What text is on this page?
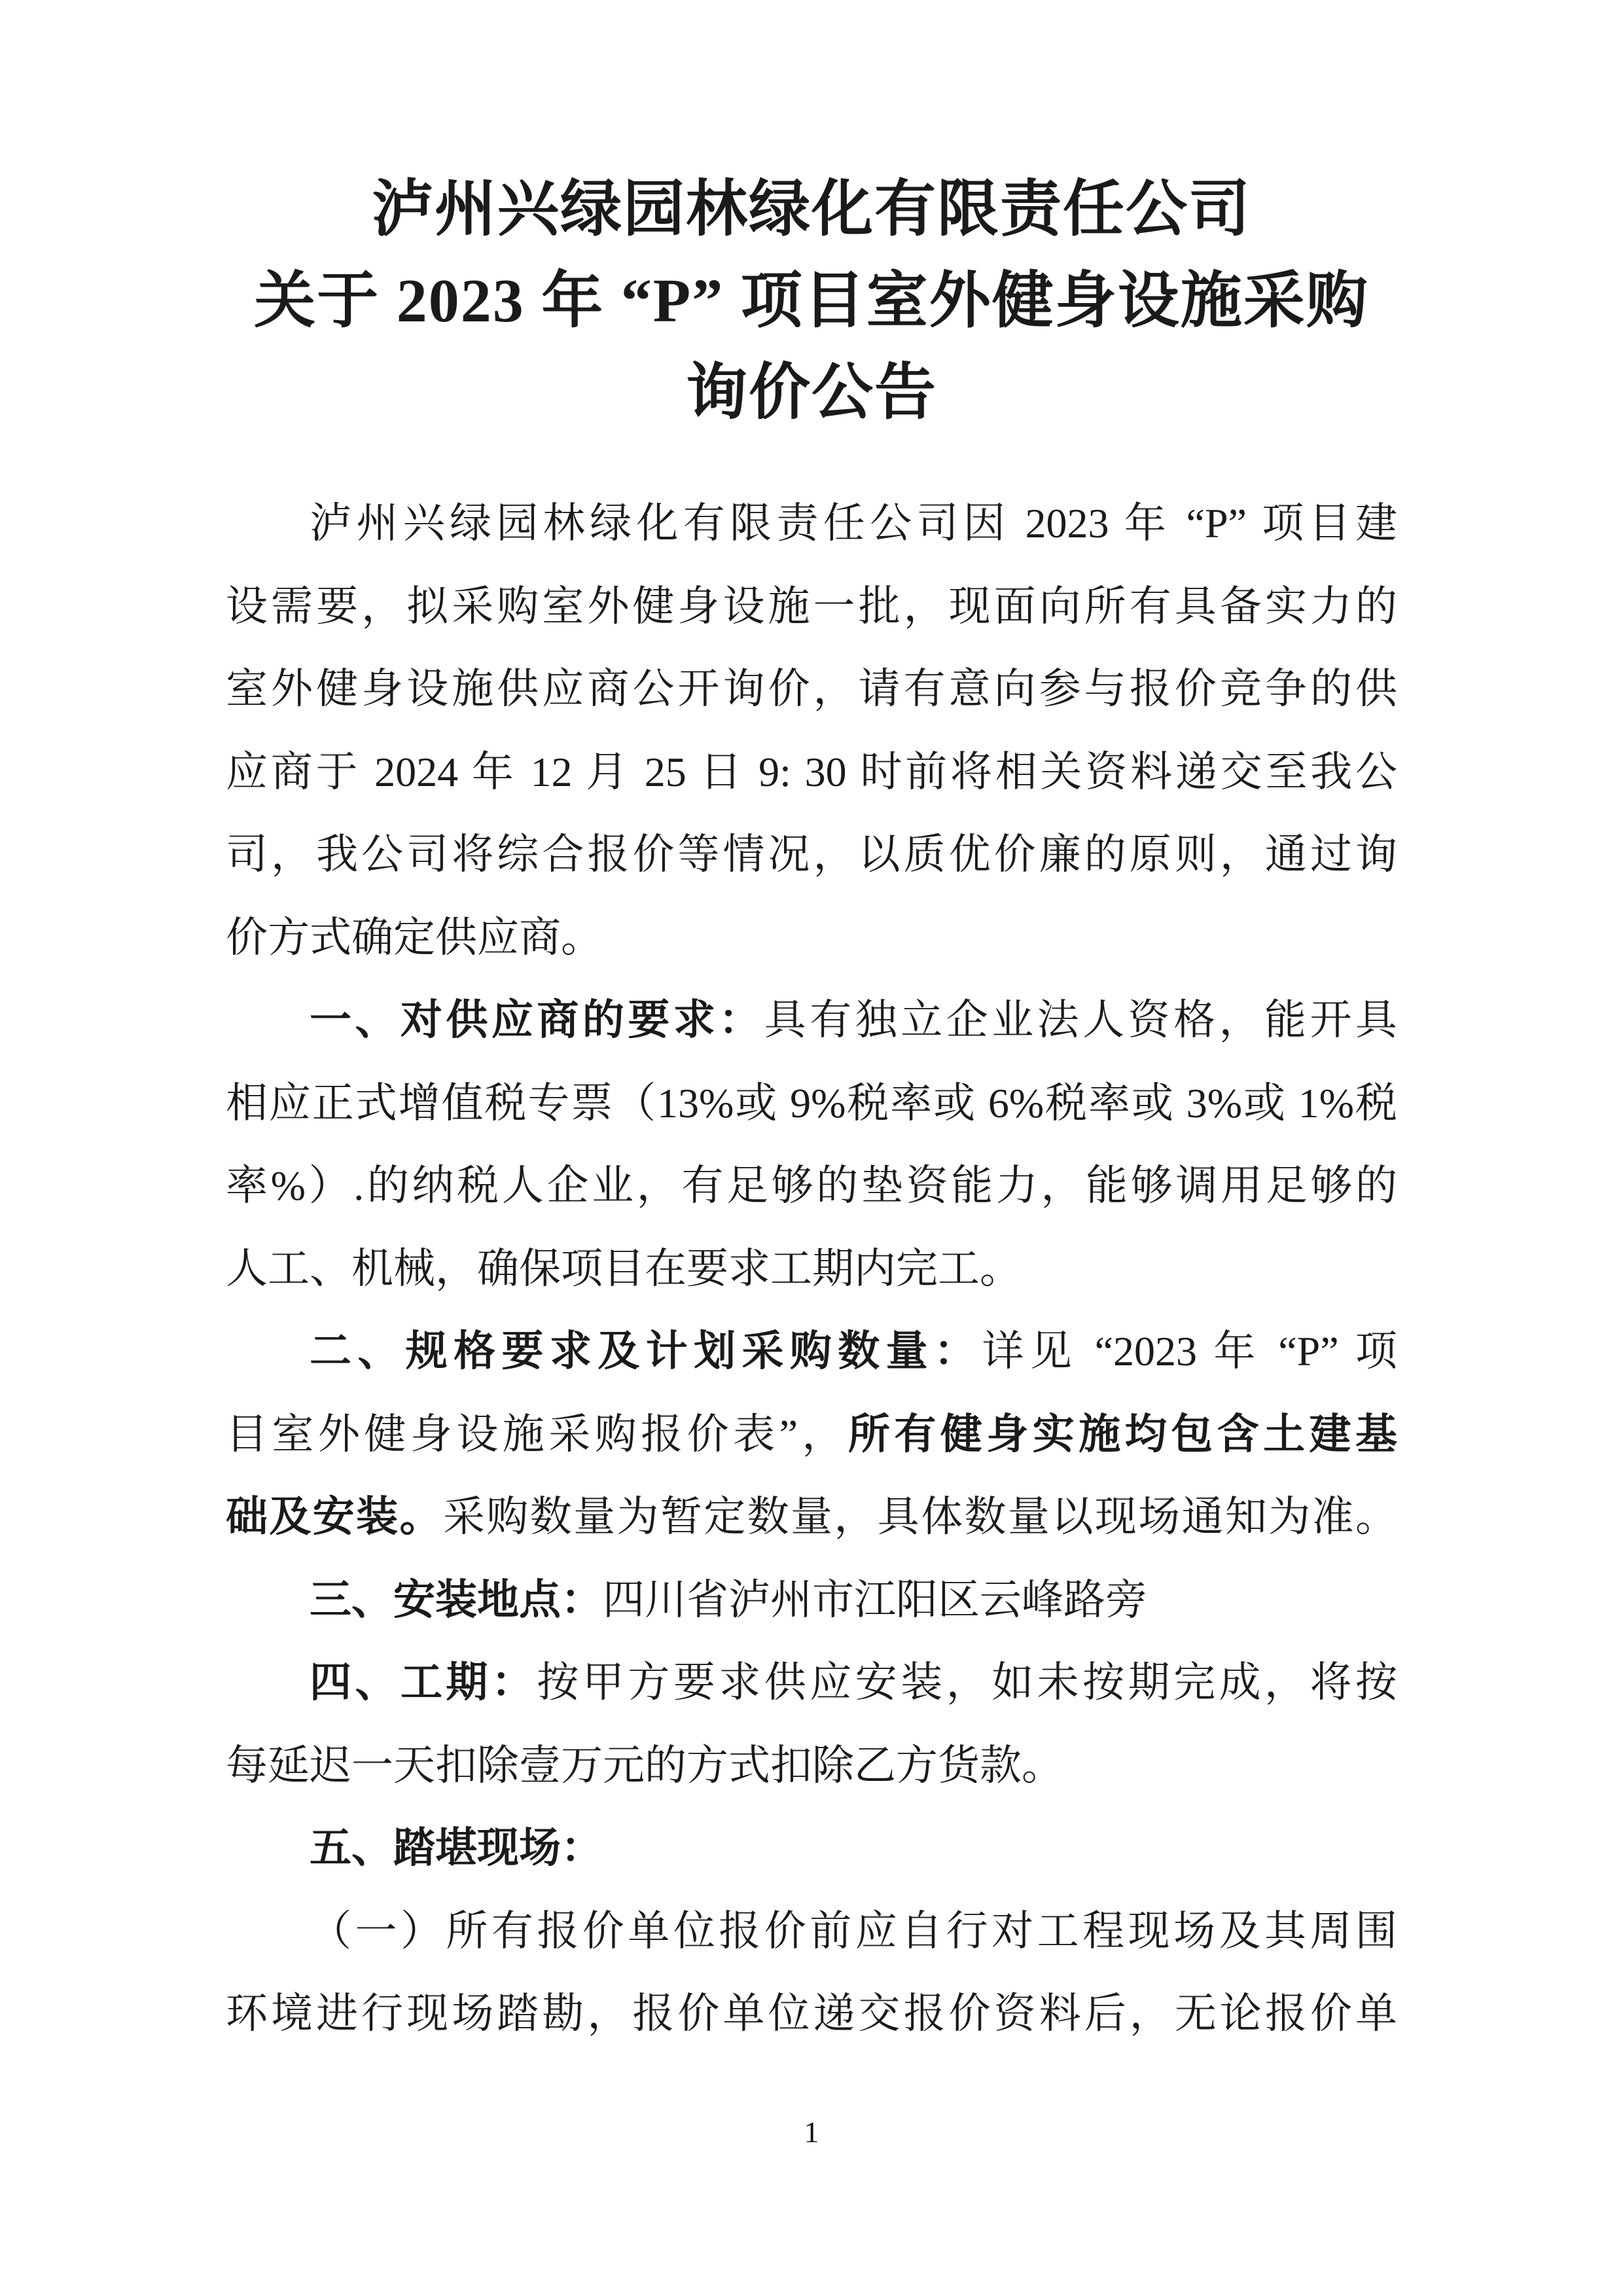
泸州兴绿园林绿化有限责任公司
关于 2023 年 “P” 项目室外健身设施采购
询价公告
泸州兴绿园林绿化有限责任公司因 2023 年 “P” 项目建
设需要，拟采购室外健身设施一批，现面向所有具备实力的
室外健身设施供应商公开询价，请有意向参与报价竞争的供
应商于 2024 年 12 月 25 日 9: 30 时前将相关资料递交至我公
司，我公司将综合报价等情况，以质优价廉的原则，通过询
价方式确定供应商。
一、对供应商的要求：具有独立企业法人资格，能开具
相应正式增值税专票（13%或 9%税率或 6%税率或 3%或 1%税
率%）.的纳税人企业，有足够的垫资能力，能够调用足够的
人工、机械，确保项目在要求工期内完工。
二、规格要求及计划采购数量：详见 “2023 年 “P” 项
目室外健身设施采购报价表”，所有健身实施均包含土建基
础及安装。采购数量为暂定数量，具体数量以现场通知为准。
三、安装地点：四川省泸州市江阳区云峰路旁
四、工期：按甲方要求供应安装，如未按期完成，将按
每延迟一天扣除壹万元的方式扣除乙方货款。
五、踏堪现场：
（一）所有报价单位报价前应自行对工程现场及其周围
环境进行现场踏勘，报价单位递交报价资料后，无论报价单
1
